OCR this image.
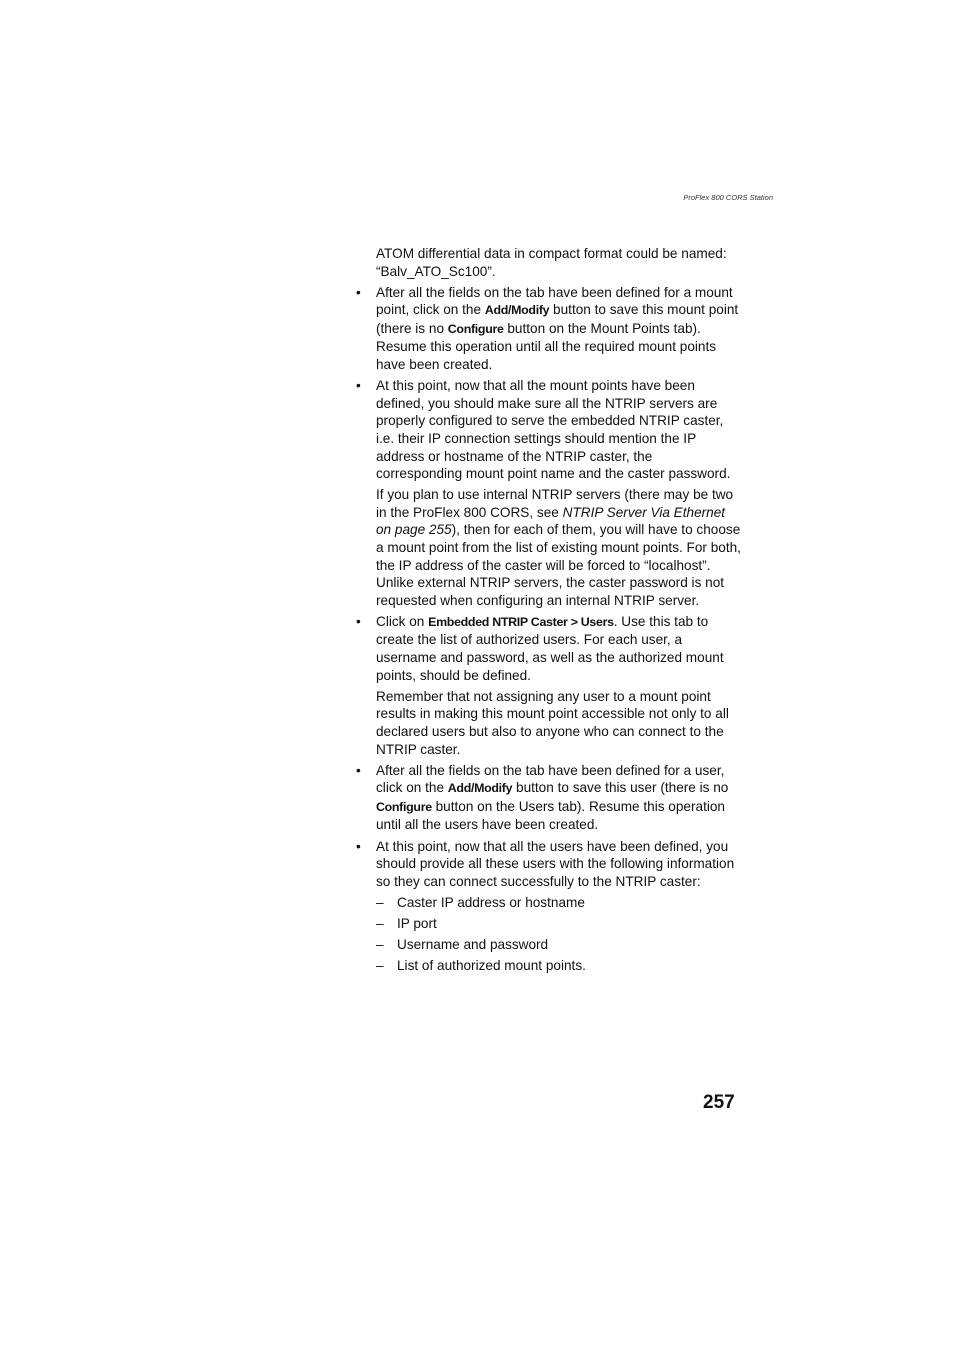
ProFlex 800 CORS Station

ATOM differential data in compact format could be named: “Balv_ATO_Sc100”.

•	After all the fields on the tab have been defined for a mount point, click on the Add/Modify button to save this mount point (there is no Configure button on the Mount Points tab). Resume this operation until all the required mount points have been created.
•	At this point, now that all the mount points have been defined, you should make sure all the NTRIP servers are properly configured to serve the embedded NTRIP caster, i.e. their IP connection settings should mention the IP address or hostname of the NTRIP caster, the corresponding mount point name and the caster password.

If you plan to use internal NTRIP servers (there may be two in the ProFlex 800 CORS, see NTRIP Server Via Ethernet on page 255), then for each of them, you will have to choose a mount point from the list of existing mount points. For both, the IP address of the caster will be forced to “localhost”. Unlike external NTRIP servers, the caster password is not requested when configuring an internal NTRIP server.

•	Click on Embedded NTRIP Caster > Users. Use this tab to create the list of authorized users. For each user, a username and password, as well as the authorized mount points, should be defined.

Remember that not assigning any user to a mount point results in making this mount point accessible not only to all declared users but also to anyone who can connect to the NTRIP caster.

•	After all the fields on the tab have been defined for a user, click on the Add/Modify button to save this user (there is no Configure button on the Users tab). Resume this operation until all the users have been created.
•	At this point, now that all the users have been defined, you should provide all these users with the following information so they can connect successfully to the NTRIP caster:
– Caster IP address or hostname
– IP port
– Username and password
– List of authorized mount points.
257
